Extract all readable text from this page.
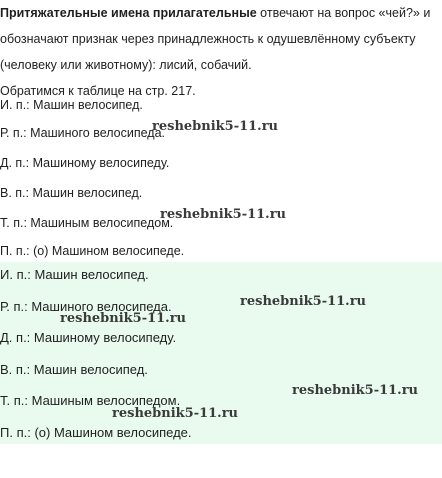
Притяжательные имена прилагательные отвечают на вопрос «чей?» и

обозначают признак через принадлежность к одушевлённому субъекту

(человеку или животному): лисий, собачий.

Обратимся к таблице на стр. 217.

И. п.: Машин велосипед.
Р. п.: Машиного велосипеда.
Д. п.: Машиному велосипеду.
В. п.: Машин велосипед.
Т. п.: Машиным велосипедом.
П. п.: (о) Машином велосипеде.
И. п.: Машин велосипед.
Р. п.: Машиного велосипеда.
Д. п.: Машиному велосипеду.
В. п.: Машин велосипед.
Т. п.: Машиным велосипедом.
П. п.: (о) Машином велосипеде.
reshebnik5-11.ru
reshebnik5-11.ru
reshebnik5-11.ru
reshebnik5-11.ru
reshebnik5-11.ru
reshebnik5-11.ru
